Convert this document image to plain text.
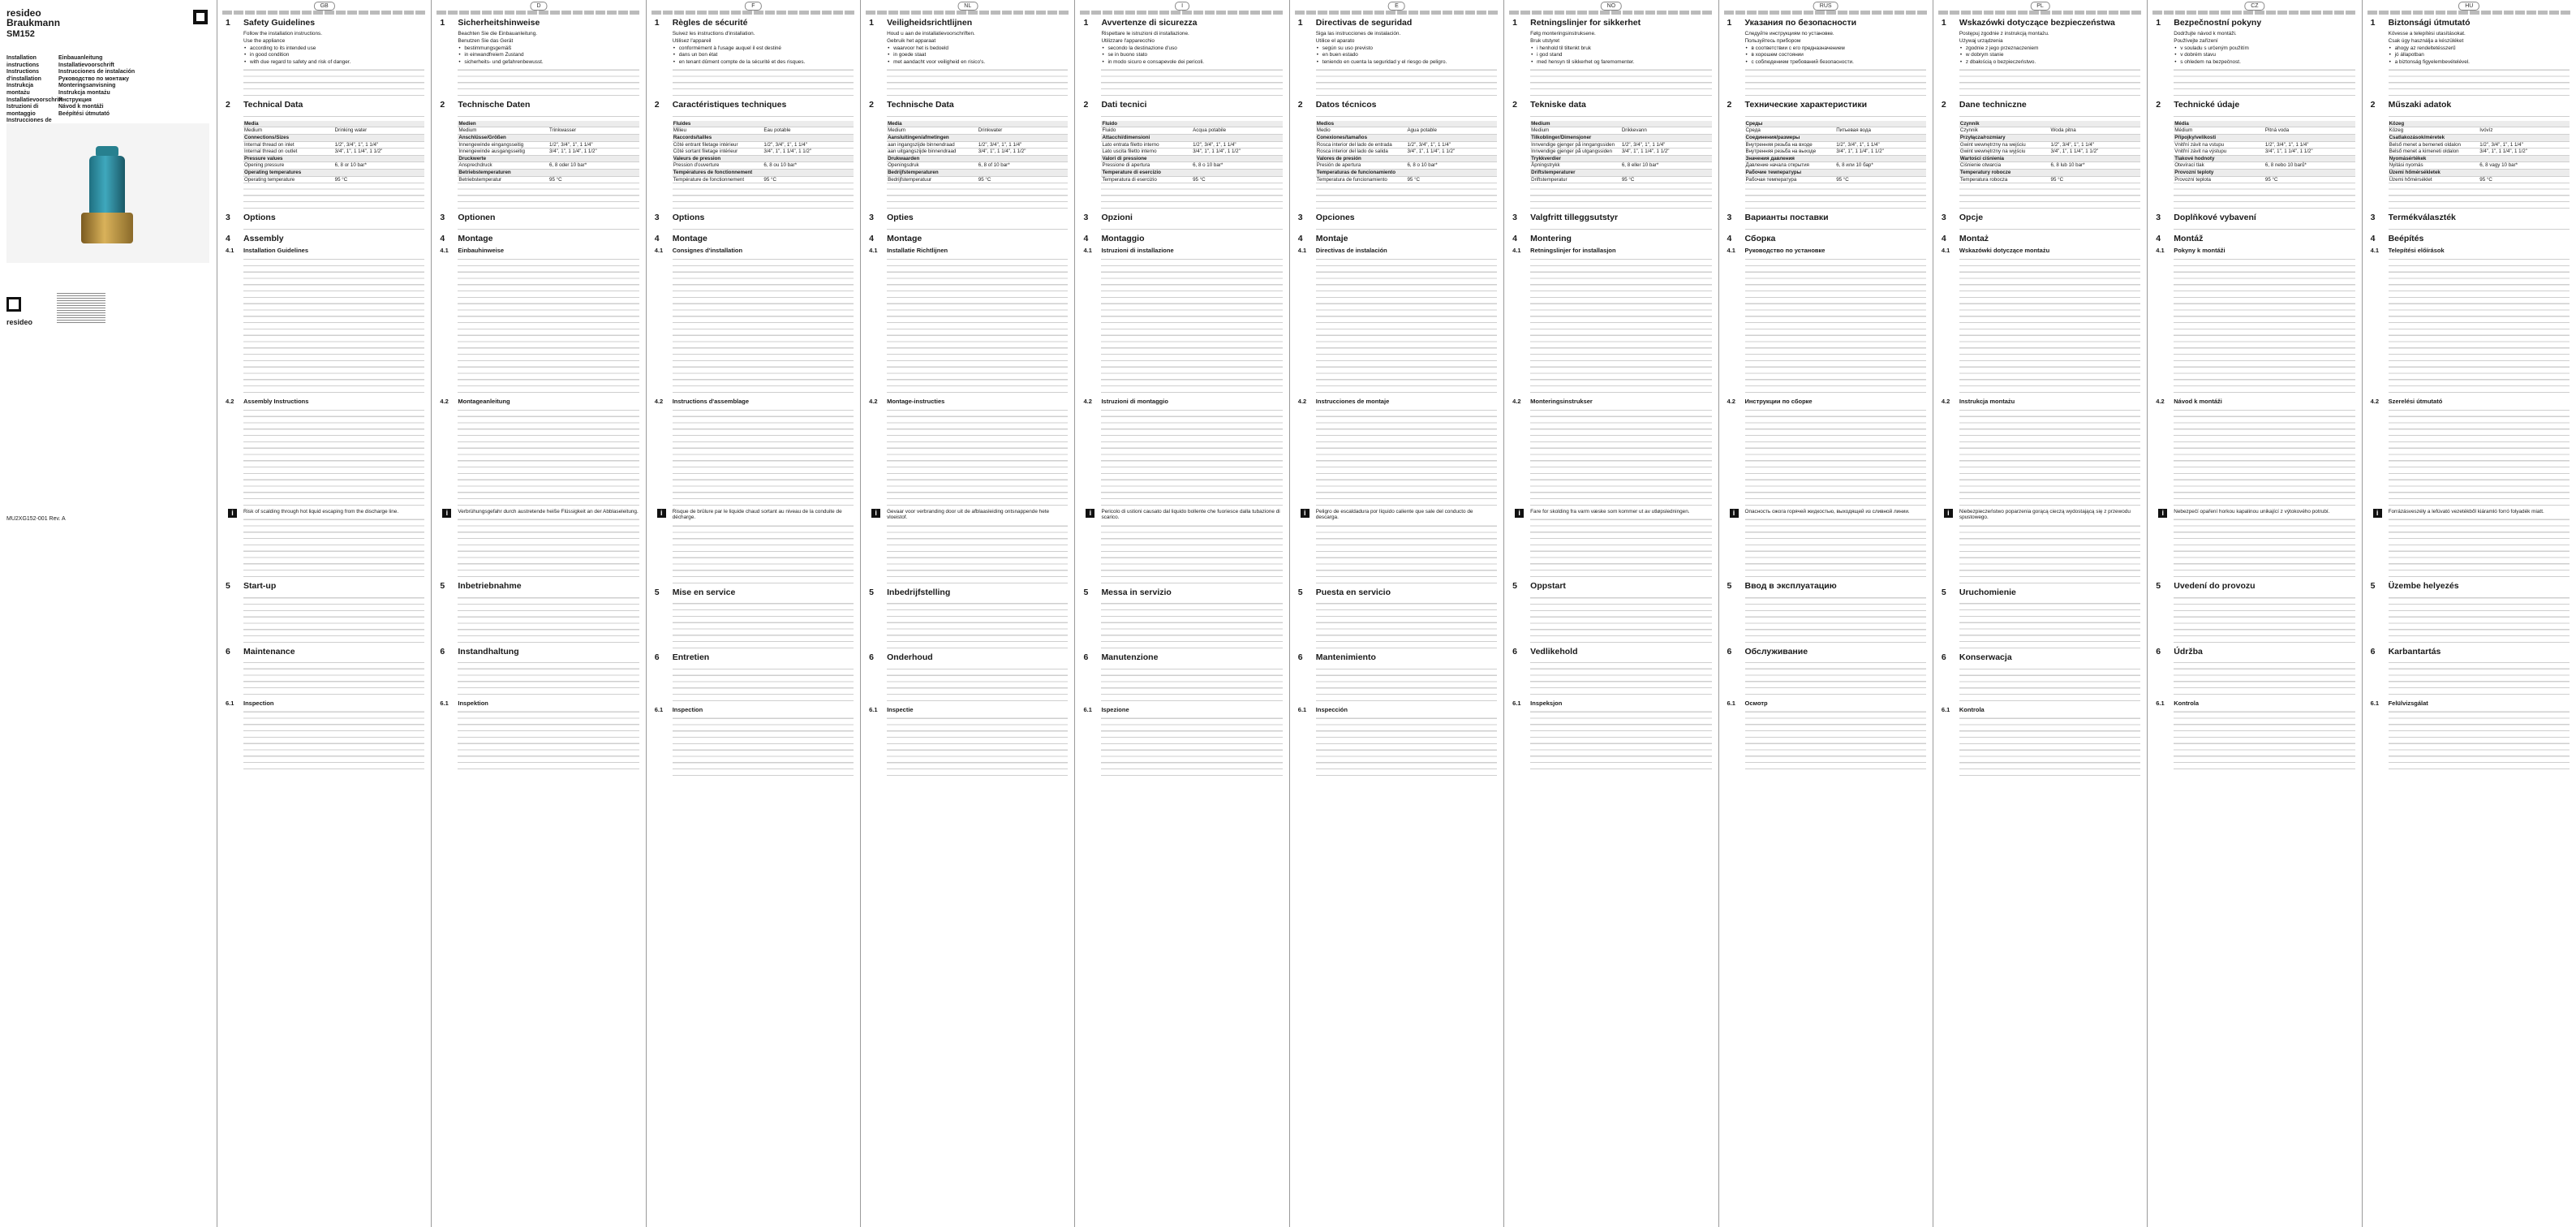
resideo
Braukmann
SM152
Installation instructions
Instructions d'installation
Instrukcja montażu
Installatievoorschrift
Istruzioni di montaggio
Instrucciones de
Einbauanleitung
Installatievoorschrift
Instrucciones de instalación
Руководство по монтажу
Monteringsanvisning
Instrukcja montażu
Инструкция
Návod k montáži
Beépítési útmutató
resideo
MU2XG152-001 Rev. A
GB
1 Safety Guidelines
Follow the installation instructions.
Use the appliance
• according to its intended use
• in good condition
• with due regard to safety and risk of danger.
2 Technical Data
Media	
Medium	Drinking water
Connections/Sizes	
Internal thread on inlet	1/2", 3/4", 1", 1 1/4"
Internal thread on outlet	3/4", 1", 1 1/4", 1 1/2"
Pressure values	
Opening pressure	6, 8 or 10 bar*
Operating temperatures	
Operating temperature	95 °C
3 Options
4 Assembly
4.1 Installation Guidelines
4.2 Assembly Instructions
i	Risk of scalding through hot liquid escaping from the discharge line.
5 Start-up
6 Maintenance
6.1 Inspection
D
1 Sicherheitshinweise
Beachten Sie die Einbauanleitung.
Benutzen Sie das Gerät
• bestimmungsgemäß
• in einwandfreiem Zustand
• sicherheits- und gefahrenbewusst.
2 Technische Daten
Medien	
Medium	Trinkwasser
Anschlüsse/Größen	
Innengewinde eingangsseitig	1/2", 3/4", 1", 1 1/4"
Innengewinde ausgangsseitig	3/4", 1", 1 1/4", 1 1/2"
Druckwerte	
Ansprechdruck	6, 8 oder 10 bar*
Betriebstemperaturen	
Betriebstemperatur	95 °C
3 Optionen
4 Montage
4.1 Einbauhinweise
4.2 Montageanleitung
i	Verbrühungsgefahr durch austretende heiße Flüssigkeit an der Abblaseleitung.
5 Inbetriebnahme
6 Instandhaltung
6.1 Inspektion
F
1 Règles de sécurité
Suivez les instructions d'installation.
Utilisez l'appareil
• conformément à l'usage auquel il est destiné
• dans un bon état
• en tenant dûment compte de la sécurité et des risques.
2 Caractéristiques techniques
Fluides	
Milieu	Eau potable
Raccords/tailles	
Côté entrant filetage intérieur	1/2", 3/4", 1", 1 1/4"
Côté sortant filetage intérieur	3/4", 1", 1 1/4", 1 1/2"
Valeurs de pression	
Pression d'ouverture	6, 8 ou 10 bar*
Températures de fonctionnement	
Température de fonctionnement	95 °C
3 Options
4 Montage
4.1 Consignes d'installation
4.2 Instructions d'assemblage
i	Risque de brûlure par le liquide chaud sortant au niveau de la conduite de décharge.
5 Mise en service
6 Entretien
6.1 Inspection
NL
1 Veiligheidsrichtlijnen
Houd u aan de installatievoorschriften.
Gebruik het apparaat
• waarvoor het is bedoeld
• in goede staat
• met aandacht voor veiligheid en risico's.
2 Technische Data
Media	
Medium	Drinkwater
Aansluitingen/afmetingen	
aan ingangszijde binnendraad	1/2", 3/4", 1", 1 1/4"
aan uitgangszijde binnendraad	3/4", 1", 1 1/4", 1 1/2"
Drukwaarden	
Openingsdruk	6, 8 of 10 bar*
Bedrijfstemperaturen	
Bedrijfstemperatuur	95 °C
3 Opties
4 Montage
4.1 Installatie Richtlijnen
4.2 Montage-instructies
i	Gevaar voor verbranding door uit de afblaasleiding ontsnappende hete vloeistof.
5 Inbedrijfstelling
6 Onderhoud
6.1 Inspectie
I
1 Avvertenze di sicurezza
Rispettare le istruzioni di installazione.
Utilizzare l'apparecchio
• secondo la destinazione d'uso
• se in buono stato
• in modo sicuro e consapevole dei pericoli.
2 Dati tecnici
Fluido	
Fluido	Acqua potabile
Attacchi/dimensioni	
Lato entrata filetto interno	1/2", 3/4", 1", 1 1/4"
Lato uscita filetto interno	3/4", 1", 1 1/4", 1 1/2"
Valori di pressione	
Pressione di apertura	6, 8 o 10 bar*
Temperature di esercizio	
Temperatura di esercizio	95 °C
3 Opzioni
4 Montaggio
4.1 Istruzioni di installazione
4.2 Istruzioni di montaggio
i	Pericolo di ustioni causato dal liquido bollente che fuoriesce dalla tubazione di scarico.
5 Messa in servizio
6 Manutenzione
6.1 Ispezione
E
1 Directivas de seguridad
Siga las instrucciones de instalación.
Utilice el aparato
• según su uso previsto
• en buen estado
• teniendo en cuenta la seguridad y el riesgo de peligro.
2 Datos técnicos
Medios	
Medio	Agua potable
Conexiones/tamaños	
Rosca interior del lado de entrada	1/2", 3/4", 1", 1 1/4"
Rosca interior del lado de salida	3/4", 1", 1 1/4", 1 1/2"
Valores de presión	
Presión de apertura	6, 8 o 10 bar*
Temperaturas de funcionamiento	
Temperatura de funcionamiento	95 °C
3 Opciones
4 Montaje
4.1 Directivas de instalación
4.2 Instrucciones de montaje
i	Peligro de escaldadura por líquido caliente que sale del conducto de descarga.
5 Puesta en servicio
6 Mantenimiento
6.1 Inspección
NO
1 Retningslinjer for sikkerhet
Følg monteringsinstruksene.
Bruk utstyret
• i henhold til tiltenkt bruk
• i god stand
• med hensyn til sikkerhet og faremomenter.
2 Tekniske data
Medium	
Medium	Drikkevann
Tilkoblinger/Dimensjoner	
Innvendige gjenger på inngangssiden	1/2", 3/4", 1", 1 1/4"
Innvendige gjenger på utgangssiden	3/4", 1", 1 1/4", 1 1/2"
Trykkverdier	
Åpningstrykk	6, 8 eller 10 bar*
Driftstemperaturer	
Driftstemperatur	95 °C
3 Valgfritt tilleggsutstyr
4 Montering
4.1 Retningslinjer for installasjon
4.2 Monteringsinstrukser
i	Fare for skolding fra varm væske som kommer ut av utløpsledningen.
5 Oppstart
6 Vedlikehold
6.1 Inspeksjon
RUS
1 Указания по безопасности
Следуйте инструкциям по установке.
Пользуйтесь прибором
• в соответствии с его предназначением
• в хорошем состоянии
• с соблюдением требований безопасности.
2 Технические характеристики
Среды	
Среда	Питьевая вода
Соединения/размеры	
Внутренняя резьба на входе	1/2", 3/4", 1", 1 1/4"
Внутренняя резьба на выходе	3/4", 1", 1 1/4", 1 1/2"
Значения давления	
Давление начала открытия	6, 8 или 10 бар*
Рабочие температуры	
Рабочая температура	95 °C
3 Варианты поставки
4 Сборка
4.1 Руководство по установке
4.2 Инструкции по сборке
i	Опасность ожога горячей жидкостью, выходящей из сливной линии.
5 Ввод в эксплуатацию
6 Обслуживание
6.1 Осмотр
PL
1 Wskazówki dotyczące bezpieczeństwa
Postępuj zgodnie z instrukcją montażu.
Używaj urządzenia
• zgodnie z jego przeznaczeniem
• w dobrym stanie
• z dbałością o bezpieczeństwo.
2 Dane techniczne
Czynnik	
Czynnik	Woda pitna
Przyłącza/rozmiary	
Gwint wewnętrzny na wejściu	1/2", 3/4", 1", 1 1/4"
Gwint wewnętrzny na wyjściu	3/4", 1", 1 1/4", 1 1/2"
Wartości ciśnienia	
Ciśnienie otwarcia	6, 8 lub 10 bar*
Temperatury robocze	
Temperatura robocza	95 °C
3 Opcje
4 Montaż
4.1 Wskazówki dotyczące montażu
4.2 Instrukcja montażu
i	Niebezpieczeństwo poparzenia gorącą cieczą wydostającą się z przewodu spustowego.
5 Uruchomienie
6 Konserwacja
6.1 Kontrola
CZ
1 Bezpečnostní pokyny
Dodržujte návod k montáži.
Používejte zařízení
• v souladu s určeným použitím
• v dobrém stavu
• s ohledem na bezpečnost.
2 Technické údaje
Média	
Médium	Pitná voda
Přípojky/velikosti	
Vnitřní závit na vstupu	1/2", 3/4", 1", 1 1/4"
Vnitřní závit na výstupu	3/4", 1", 1 1/4", 1 1/2"
Tlakové hodnoty	
Otevírací tlak	6, 8 nebo 10 barů*
Provozní teploty	
Provozní teplota	95 °C
3 Doplňkové vybavení
4 Montáž
4.1 Pokyny k montáži
4.2 Návod k montáži
i	Nebezpečí opaření horkou kapalinou unikající z výtokového potrubí.
5 Uvedení do provozu
6 Údržba
6.1 Kontrola
HU
1 Biztonsági útmutató
Kövesse a telepítési utasításokat.
Csak úgy használja a készüléket
• ahogy az rendeltetésszerű
• jó állapotban
• a biztonság figyelembevételével.
2 Műszaki adatok
Közeg	
Közeg	Ivóvíz
Csatlakozások/méretek	
Belső menet a bemeneti oldalon	1/2", 3/4", 1", 1 1/4"
Belső menet a kimeneti oldalon	3/4", 1", 1 1/4", 1 1/2"
Nyomásértékek	
Nyitási nyomás	6, 8 vagy 10 bar*
Üzemi hőmérsékletek	
Üzemi hőmérséklet	95 °C
3 Termékválaszték
4 Beépítés
4.1 Telepítési előírások
4.2 Szerelési útmutató
i	Forrázásveszély a lefúvató vezetékből kiáramló forró folyadék miatt.
5 Üzembe helyezés
6 Karbantartás
6.1 Felülvizsgálat
